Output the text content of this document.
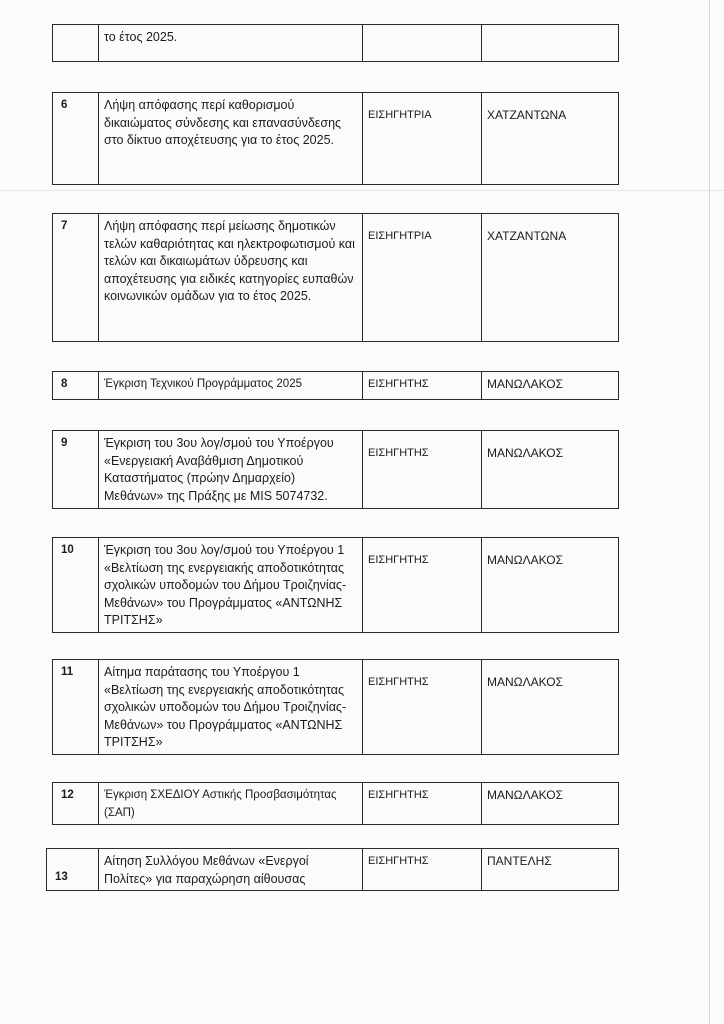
	το έτος 2025.		
6	Λήψη απόφασης περί καθορισμού δικαιώματος σύνδεσης και επανασύνδεσης στο δίκτυο αποχέτευσης για το έτος 2025.	ΕΙΣΗΓΗΤΡΙΑ	ΧΑΤΖΑΝΤΩΝΑ
7	Λήψη απόφασης περί μείωσης δημοτικών τελών καθαριότητας και ηλεκτροφωτισμού και τελών και δικαιωμάτων ύδρευσης και αποχέτευσης για ειδικές κατηγορίες ευπαθών κοινωνικών ομάδων για το έτος 2025.	ΕΙΣΗΓΗΤΡΙΑ	ΧΑΤΖΑΝΤΩΝΑ
8	Έγκριση Τεχνικού Προγράμματος 2025	ΕΙΣΗΓΗΤΗΣ	ΜΑΝΩΛΑΚΟΣ
9	Έγκριση του 3ου λογ/σμού του Υποέργου «Ενεργειακή Αναβάθμιση Δημοτικού Καταστήματος (πρώην Δημαρχείο) Μεθάνων» της Πράξης με MIS 5074732.	ΕΙΣΗΓΗΤΗΣ	ΜΑΝΩΛΑΚΟΣ
10	Έγκριση του 3ου λογ/σμού του Υποέργου 1 «Βελτίωση της ενεργειακής αποδοτικότητας σχολικών υποδομών του Δήμου Τροιζηνίας-Μεθάνων» του Προγράμματος «ΑΝΤΩΝΗΣ ΤΡΙΤΣΗΣ»	ΕΙΣΗΓΗΤΗΣ	ΜΑΝΩΛΑΚΟΣ
11	Αίτημα παράτασης του Υποέργου 1 «Βελτίωση της ενεργειακής αποδοτικότητας σχολικών υποδομών του Δήμου Τροιζηνίας-Μεθάνων» του Προγράμματος «ΑΝΤΩΝΗΣ ΤΡΙΤΣΗΣ»	ΕΙΣΗΓΗΤΗΣ	ΜΑΝΩΛΑΚΟΣ
12	Έγκριση ΣΧΕΔΙΟΥ Αστικής Προσβασιμότητας (ΣΑΠ)	ΕΙΣΗΓΗΤΗΣ	ΜΑΝΩΛΑΚΟΣ
13	Αίτηση Συλλόγου Μεθάνων «Ενεργοί Πολίτες» για παραχώρηση αίθουσας	ΕΙΣΗΓΗΤΗΣ	ΠΑΝΤΕΛΗΣ
